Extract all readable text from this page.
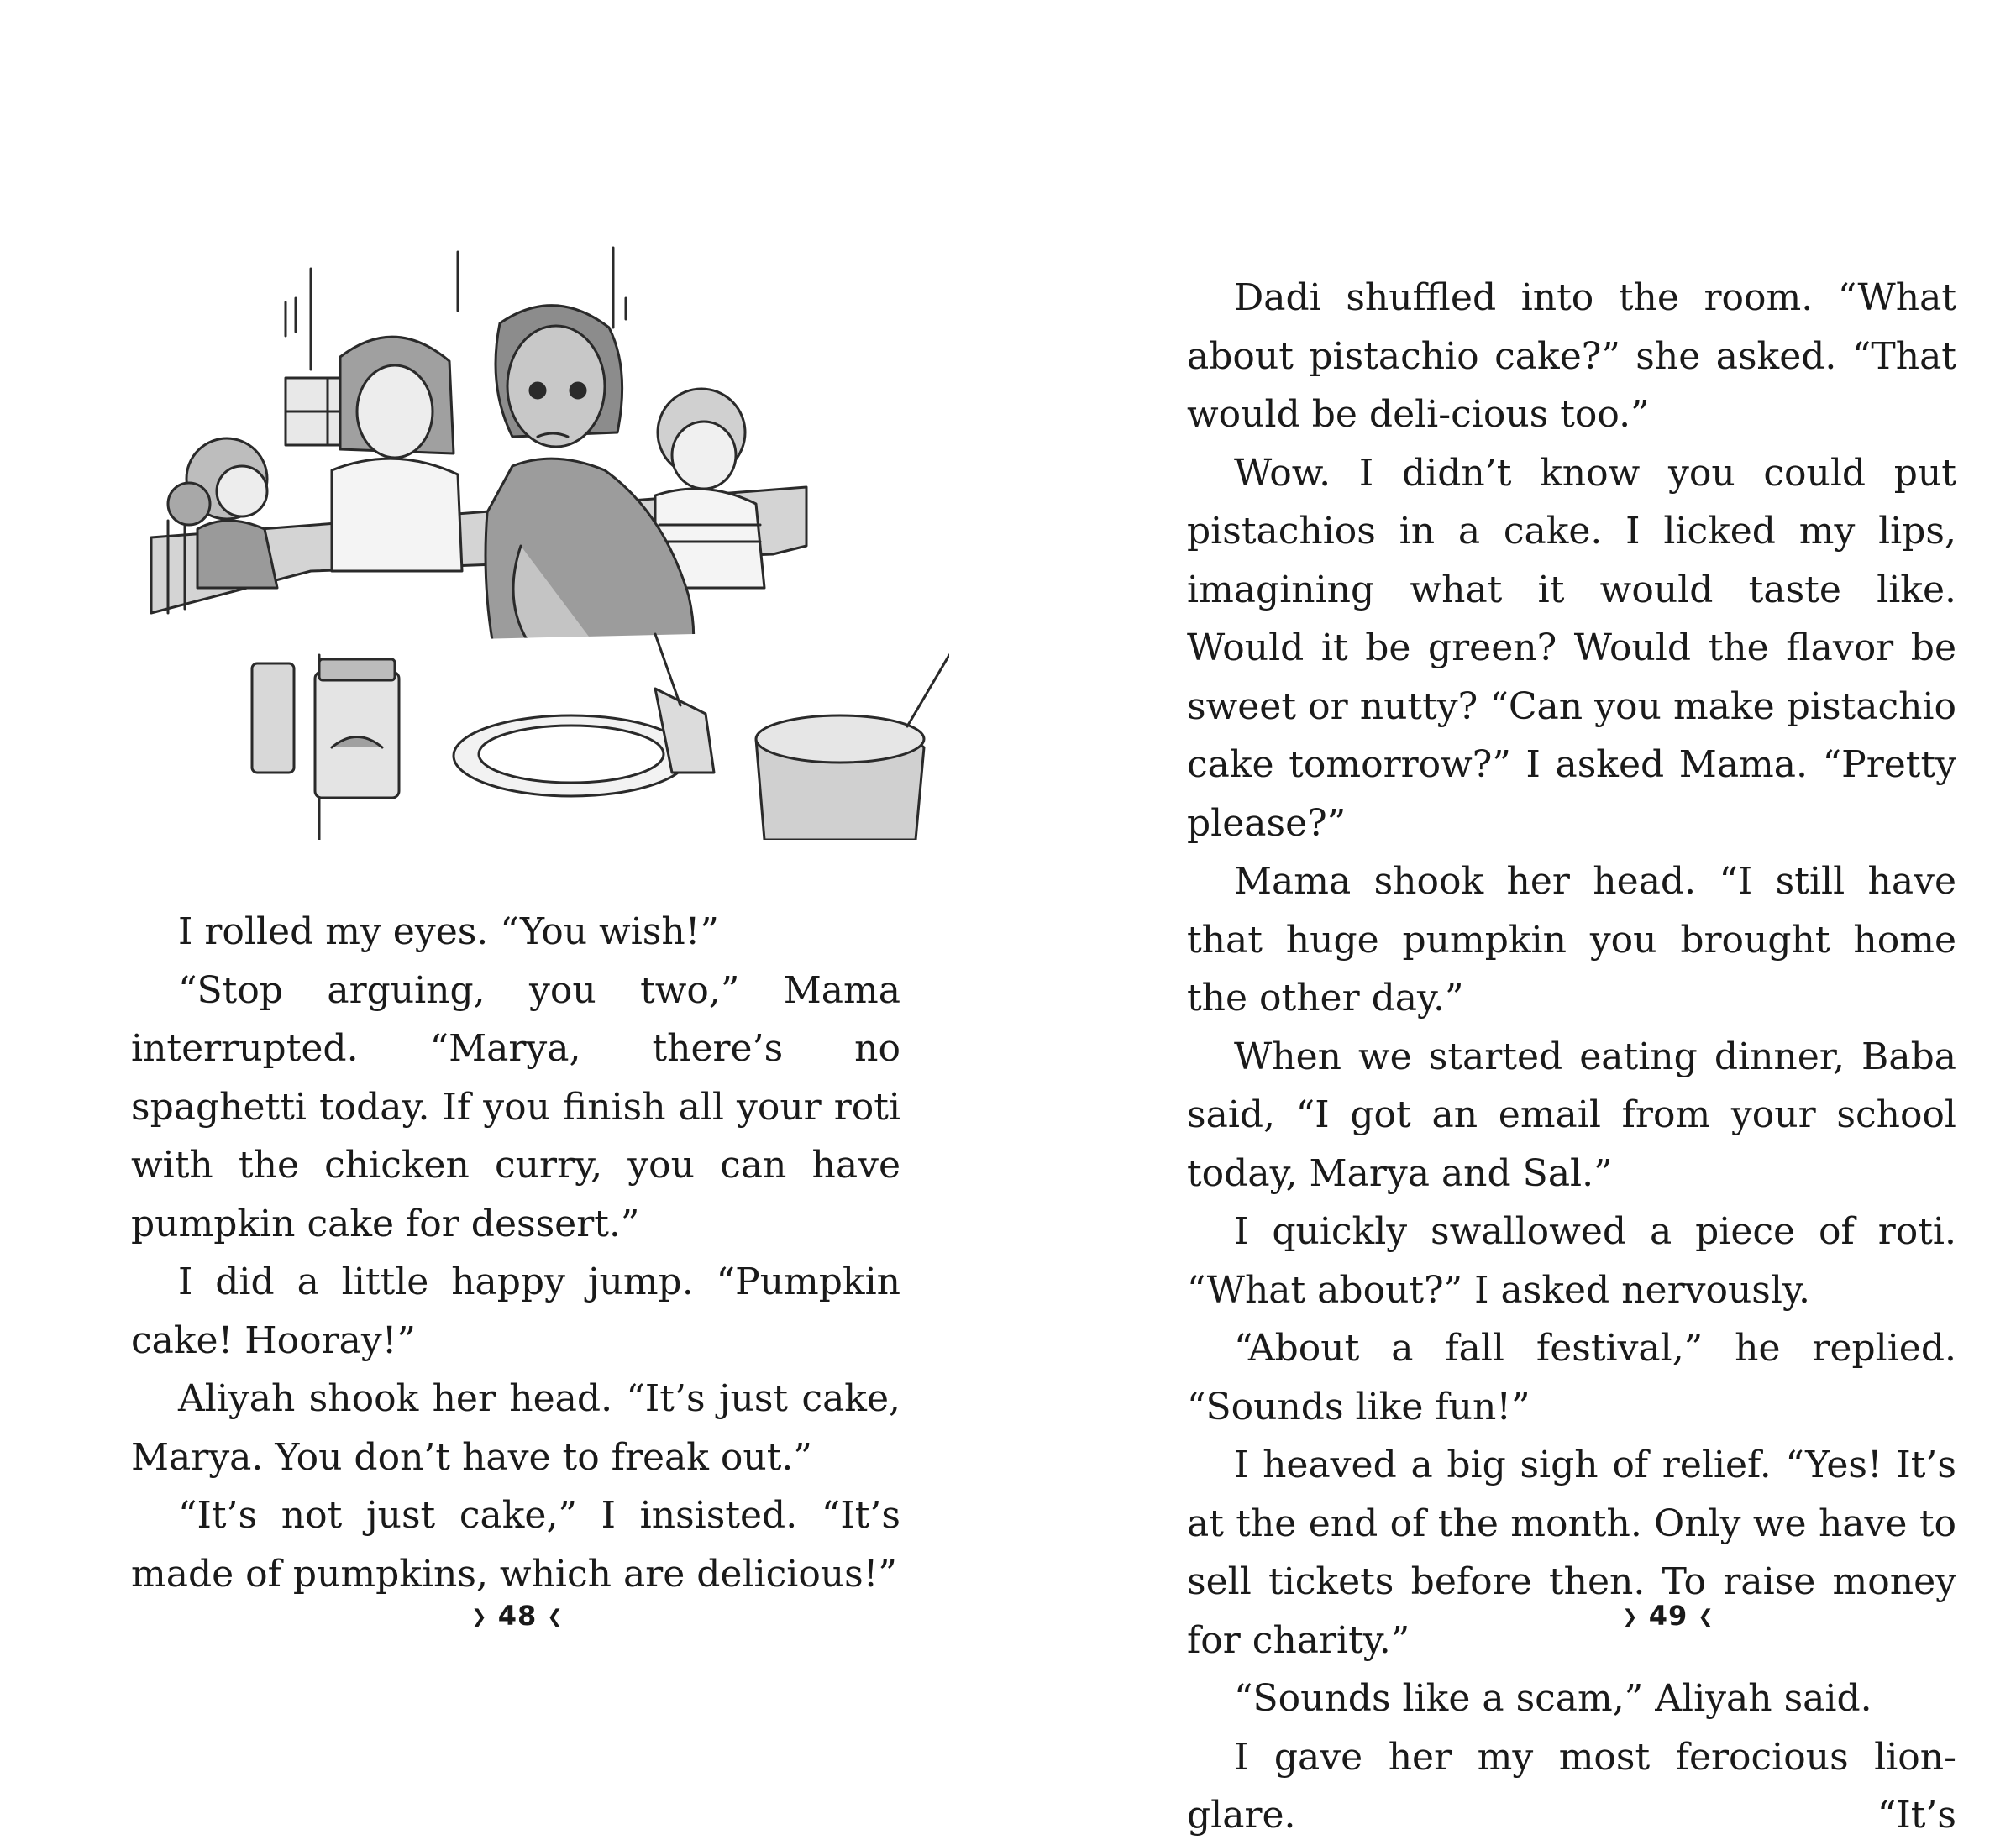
I rolled my eyes. “You wish!”

“Stop arguing, you two,” Mama interrupted. “Marya, there’s no spaghetti today. If you finish all your roti with the chicken curry, you can have pumpkin cake for dessert.”

I did a little happy jump. “Pumpkin cake! Hooray!”

Aliyah shook her head. “It’s just cake, Marya. You don’t have to freak out.”

“It’s not just cake,” I insisted. “It’s made of pumpkins, which are delicious!”

❯ 48 ❮

Dadi shuffled into the room. “What about pistachio cake?” she asked. “That would be deli-cious too.”

Wow. I didn’t know you could put pistachios in a cake. I licked my lips, imagining what it would taste like. Would it be green? Would the flavor be sweet or nutty? “Can you make pistachio cake tomorrow?” I asked Mama. “Pretty please?”

Mama shook her head. “I still have that huge pumpkin you brought home the other day.”

When we started eating dinner, Baba said, “I got an email from your school today, Marya and Sal.”

I quickly swallowed a piece of roti. “What about?” I asked nervously.

“About a fall festival,” he replied. “Sounds like fun!”

I heaved a big sigh of relief. “Yes! It’s at the end of the month. Only we have to sell tickets before then. To raise money for charity.”

“Sounds like a scam,” Aliyah said.

I gave her my most ferocious lion-glare. “It’s

❯ 49 ❮
